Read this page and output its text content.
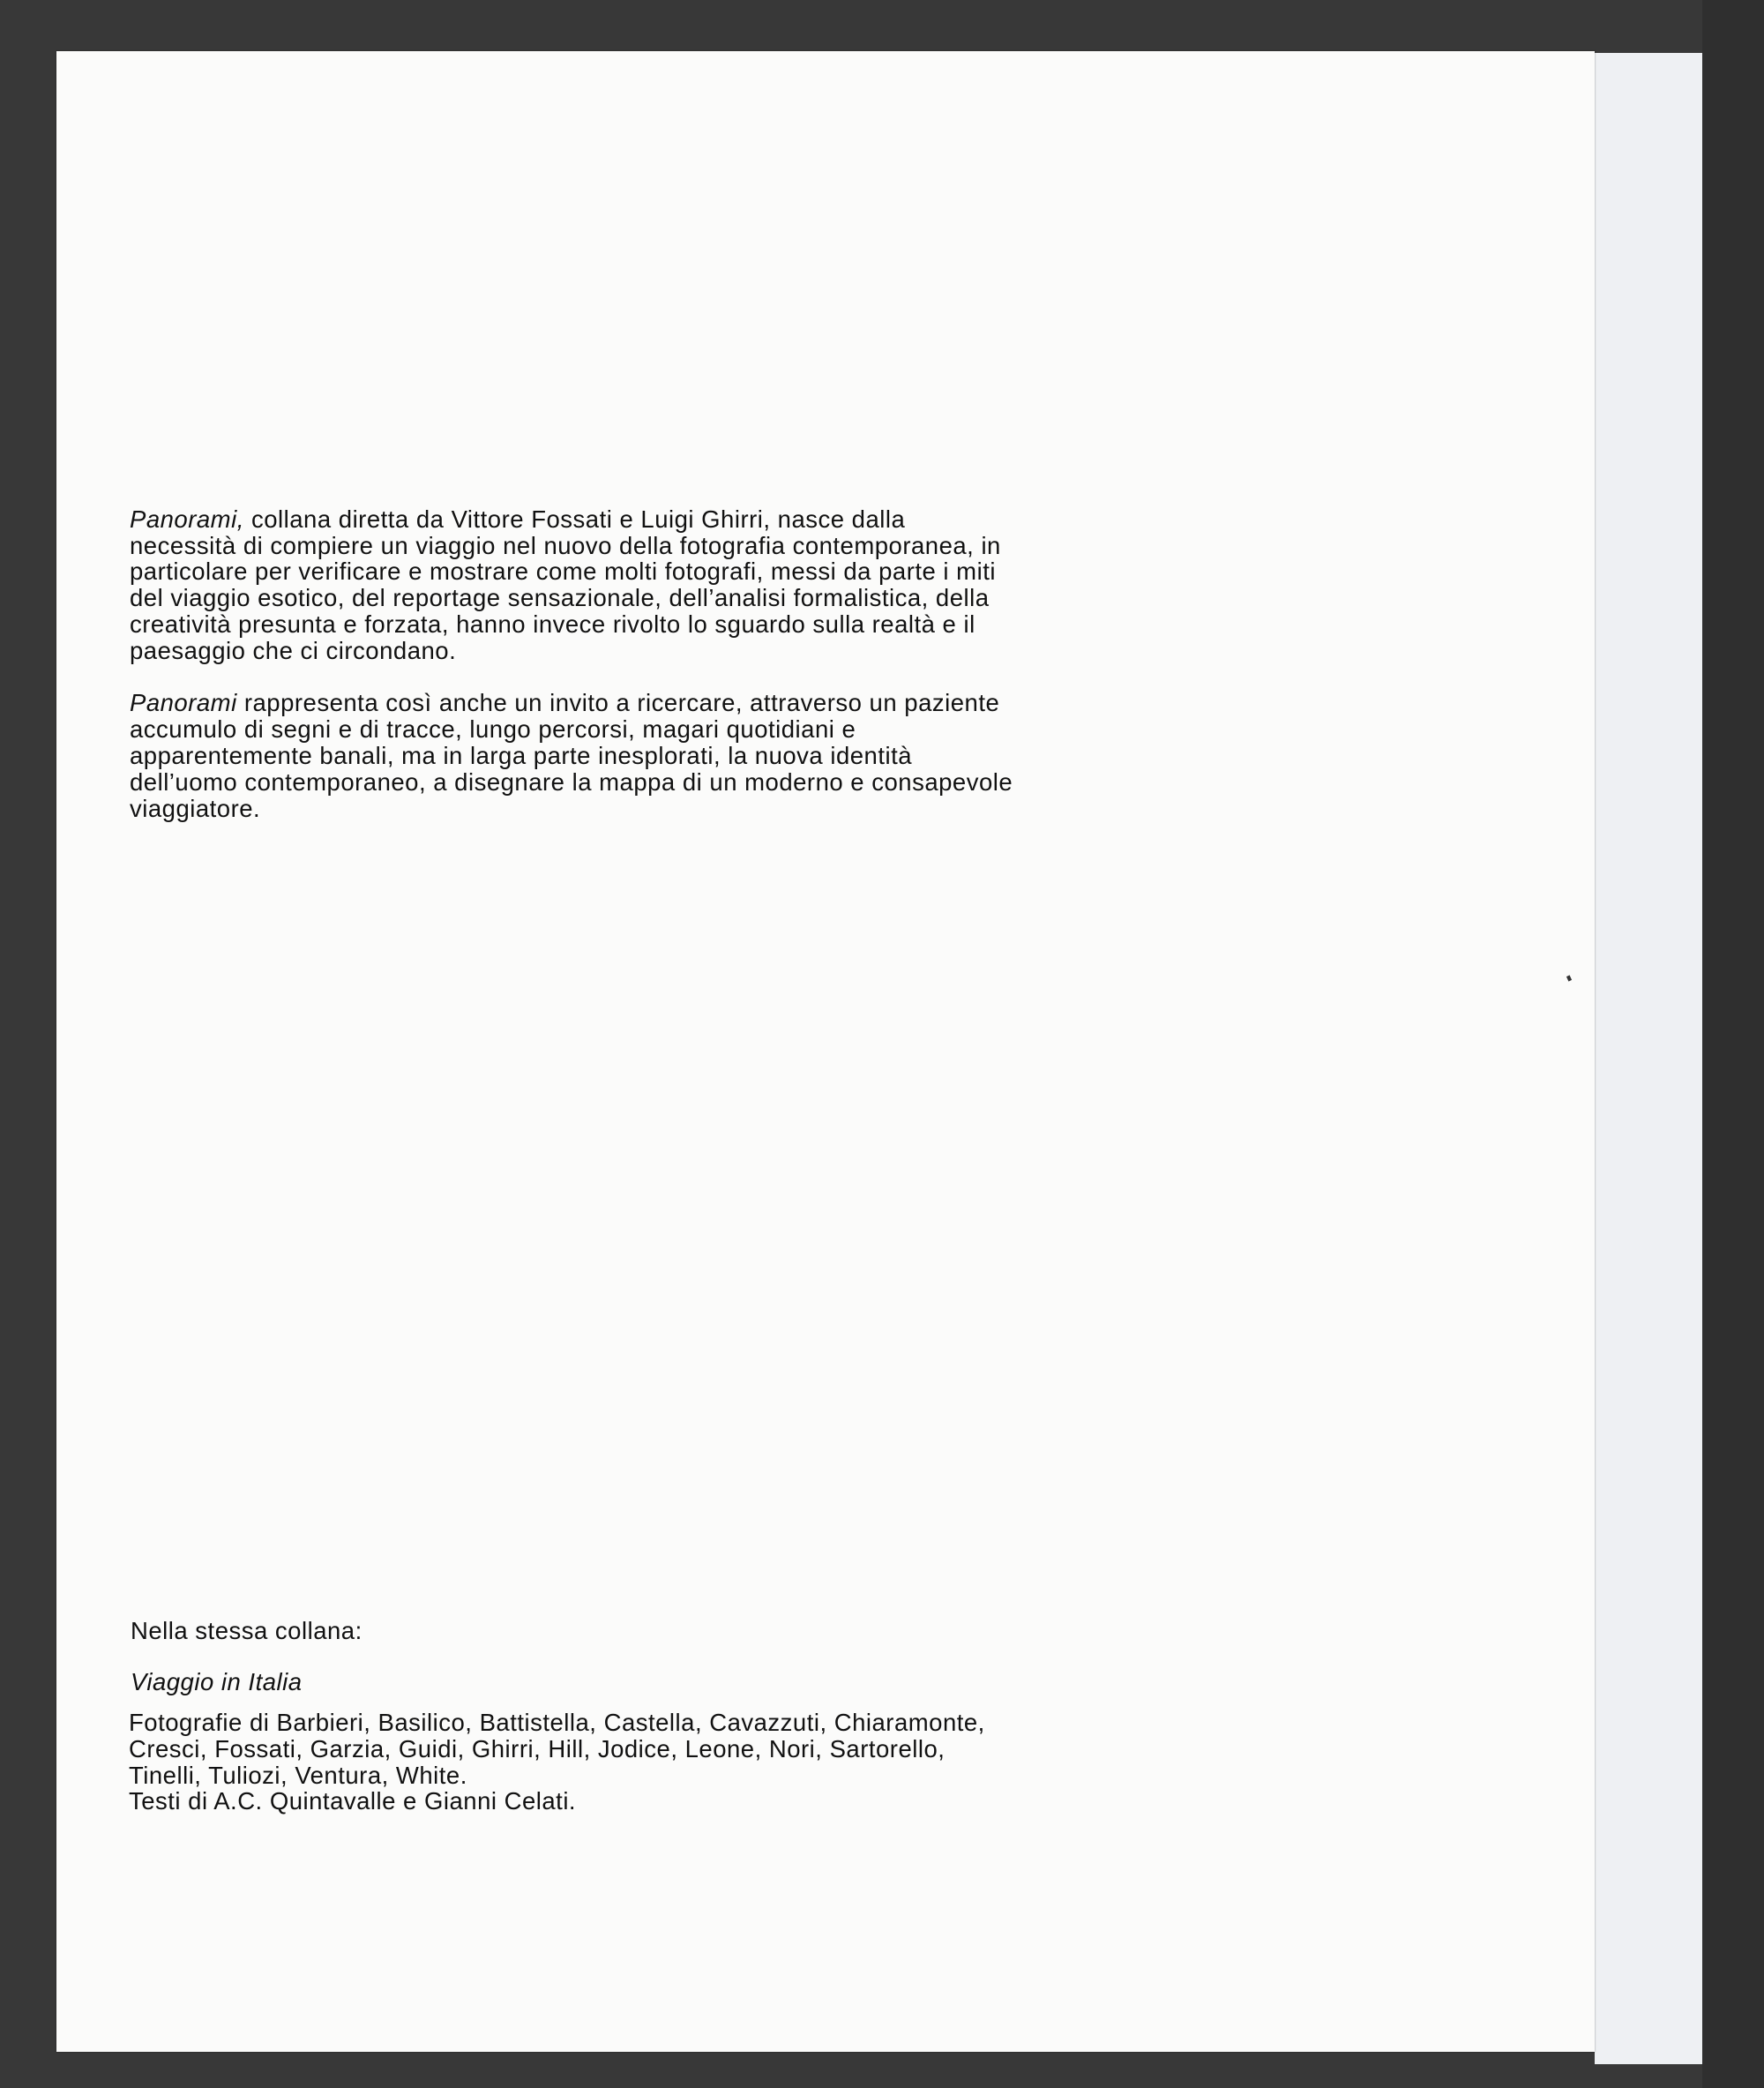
Panorami, collana diretta da Vittore Fossati e Luigi Ghirri, nasce dalla
necessità di compiere un viaggio nel nuovo della fotografia contemporanea, in
particolare per verificare e mostrare come molti fotografi, messi da parte i miti
del viaggio esotico, del reportage sensazionale, dell’analisi formalistica, della
creatività presunta e forzata, hanno invece rivolto lo sguardo sulla realtà e il
paesaggio che ci circondano.

Panorami rappresenta così anche un invito a ricercare, attraverso un paziente
accumulo di segni e di tracce, lungo percorsi, magari quotidiani e
apparentemente banali, ma in larga parte inesplorati, la nuova identità
dell’uomo contemporaneo, a disegnare la mappa di un moderno e consapevole
viaggiatore.

Nella stessa collana:
Viaggio in Italia
Fotografie di Barbieri, Basilico, Battistella, Castella, Cavazzuti, Chiaramonte,
Cresci, Fossati, Garzia, Guidi, Ghirri, Hill, Jodice, Leone, Nori, Sartorello,
Tinelli, Tuliozi, Ventura, White.
Testi di A.C. Quintavalle e Gianni Celati.
